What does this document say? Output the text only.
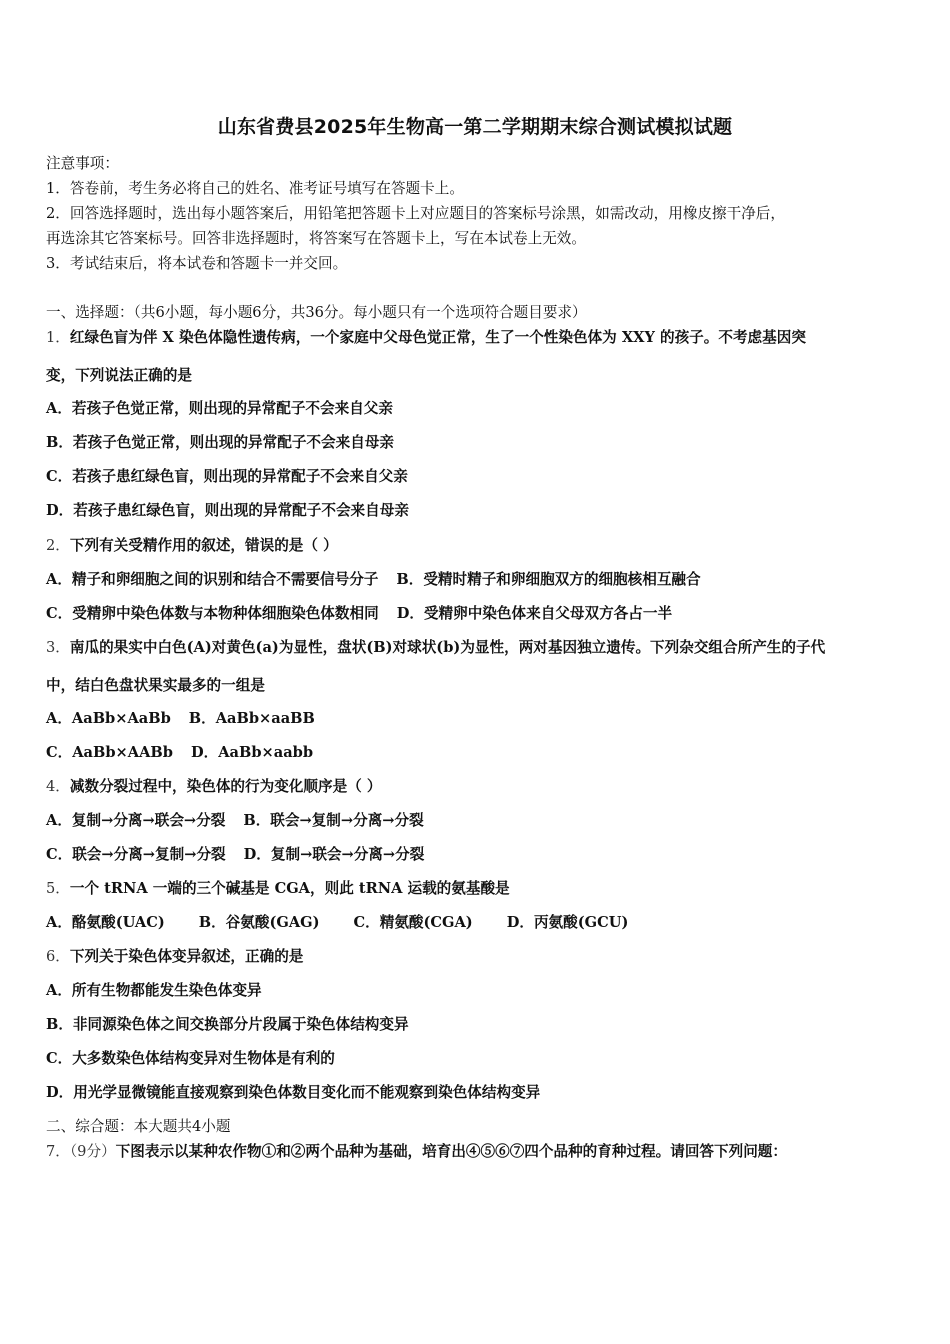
山东省费县2025年生物高一第二学期期末综合测试模拟试题
注意事项：
1．答卷前，考生务必将自己的姓名、准考证号填写在答题卡上。
2．回答选择题时，选出每小题答案后，用铅笔把答题卡上对应题目的答案标号涂黑，如需改动，用橡皮擦干净后，
再选涂其它答案标号。回答非选择题时，将答案写在答题卡上，写在本试卷上无效。
3．考试结束后，将本试卷和答题卡一并交回。
一、选择题：（共6小题，每小题6分，共36分。每小题只有一个选项符合题目要求）
1．红绿色盲为伴 X 染色体隐性遗传病，一个家庭中父母色觉正常，生了一个性染色体为 XXY 的孩子。不考虑基因突
变，下列说法正确的是
A．若孩子色觉正常，则出现的异常配子不会来自父亲
B．若孩子色觉正常，则出现的异常配子不会来自母亲
C．若孩子患红绿色盲，则出现的异常配子不会来自父亲
D．若孩子患红绿色盲，则出现的异常配子不会来自母亲
2．下列有关受精作用的叙述，错误的是（ ）
A．精子和卵细胞之间的识别和结合不需要信号分子 B．受精时精子和卵细胞双方的细胞核相互融合
C．受精卵中染色体数与本物种体细胞染色体数相同 D．受精卵中染色体来自父母双方各占一半
3．南瓜的果实中白色(A)对黄色(a)为显性，盘状(B)对球状(b)为显性，两对基因独立遗传。下列杂交组合所产生的子代
中，结白色盘状果实最多的一组是
A．AaBb×AaBb B．AaBb×aaBB
C．AaBb×AABb D．AaBb×aabb
4．减数分裂过程中，染色体的行为变化顺序是（ ）
A．复制→分离→联会→分裂 B．联会→复制→分离→分裂
C．联会→分离→复制→分裂 D．复制→联会→分离→分裂
5．一个 tRNA 一端的三个碱基是 CGA，则此 tRNA 运载的氨基酸是
A．酪氨酸(UAC) B．谷氨酸(GAG) C．精氨酸(CGA) D．丙氨酸(GCU)
6．下列关于染色体变异叙述，正确的是
A．所有生物都能发生染色体变异
B．非同源染色体之间交换部分片段属于染色体结构变异
C．大多数染色体结构变异对生物体是有利的
D．用光学显微镜能直接观察到染色体数目变化而不能观察到染色体结构变异
二、综合题：本大题共4小题
7．（9分）下图表示以某种农作物①和②两个品种为基础，培育出④⑤⑥⑦四个品种的育种过程。请回答下列问题：
